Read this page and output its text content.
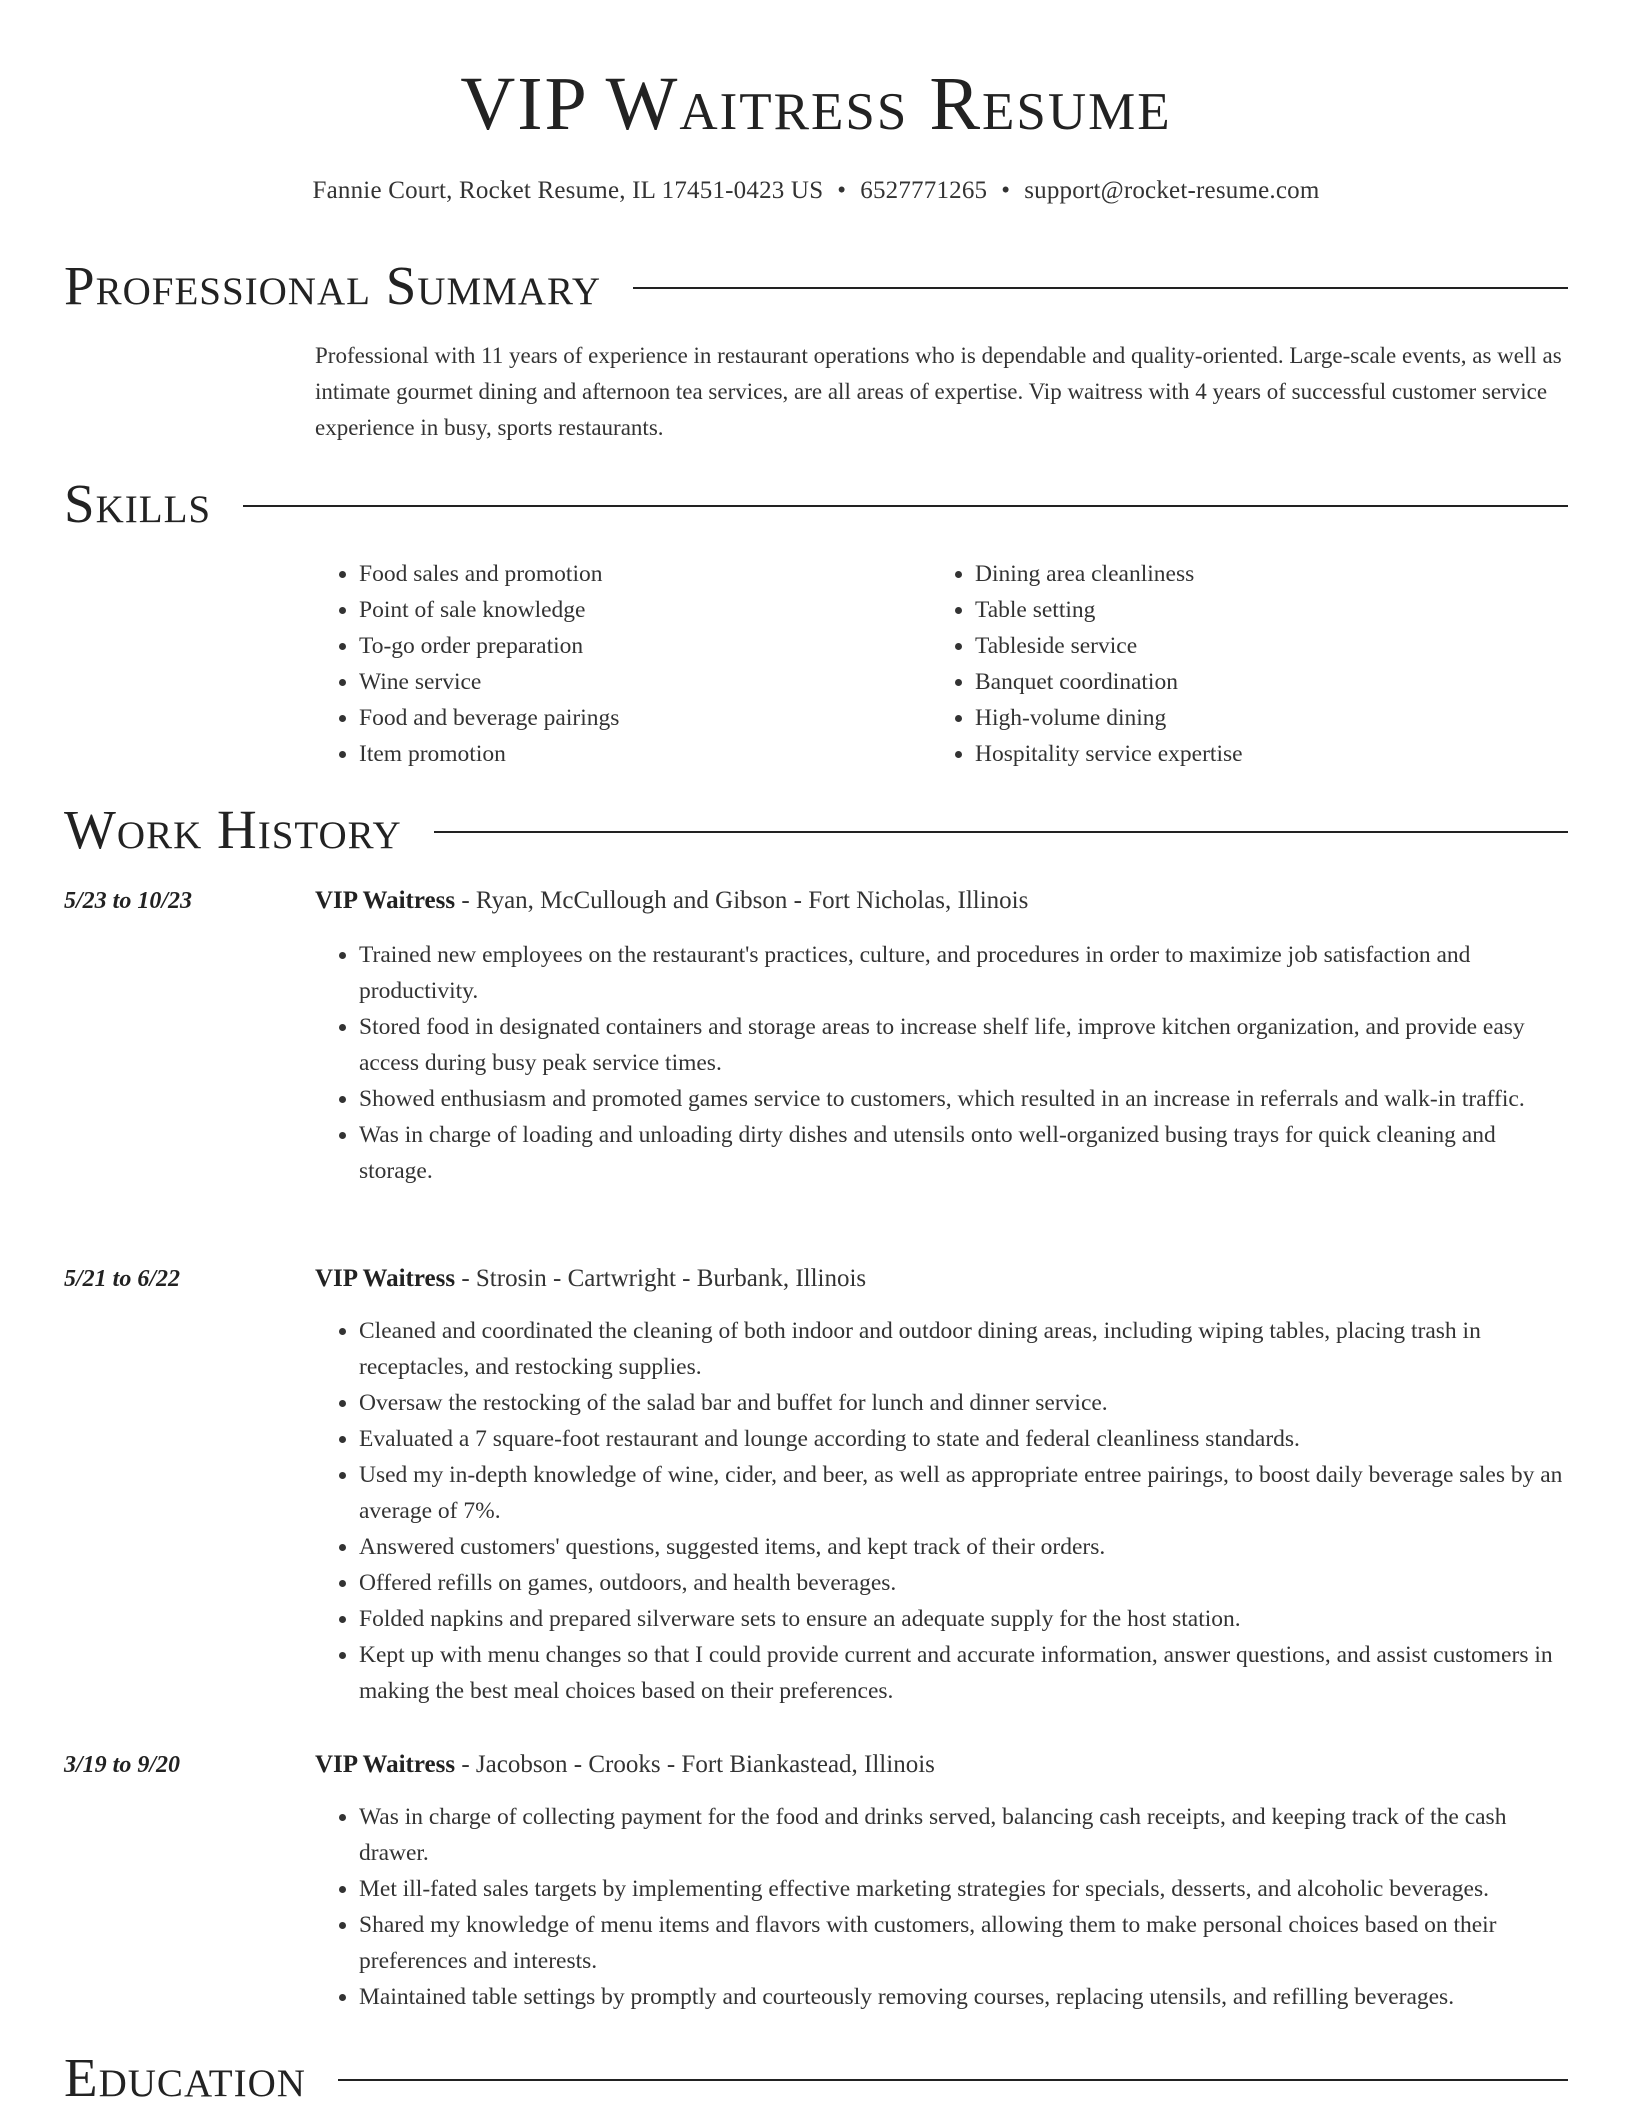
VIP Waitress Resume
Fannie Court, Rocket Resume, IL 17451-0423 US • 6527771265 • support@rocket-resume.com
Professional Summary

Professional with 11 years of experience in restaurant operations who is dependable and quality-oriented. Large-scale events, as well as intimate gourmet dining and afternoon tea services, are all areas of expertise. Vip waitress with 4 years of successful customer service experience in busy, sports restaurants.

Skills
• Food sales and promotion
• Point of sale knowledge
• To-go order preparation
• Wine service
• Food and beverage pairings
• Item promotion
• Dining area cleanliness
• Table setting
• Tableside service
• Banquet coordination
• High-volume dining
• Hospitality service expertise
Work History
5/23 to 10/23	VIP Waitress - Ryan, McCullough and Gibson - Fort Nicholas, Illinois
• Trained new employees on the restaurant's practices, culture, and procedures in order to maximize job satisfaction and productivity.
• Stored food in designated containers and storage areas to increase shelf life, improve kitchen organization, and provide easy access during busy peak service times.
• Showed enthusiasm and promoted games service to customers, which resulted in an increase in referrals and walk-in traffic.
• Was in charge of loading and unloading dirty dishes and utensils onto well-organized busing trays for quick cleaning and storage.
5/21 to 6/22	VIP Waitress - Strosin - Cartwright - Burbank, Illinois
• Cleaned and coordinated the cleaning of both indoor and outdoor dining areas, including wiping tables, placing trash in receptacles, and restocking supplies.
• Oversaw the restocking of the salad bar and buffet for lunch and dinner service.
• Evaluated a 7 square-foot restaurant and lounge according to state and federal cleanliness standards.
• Used my in-depth knowledge of wine, cider, and beer, as well as appropriate entree pairings, to boost daily beverage sales by an average of 7%.
• Answered customers' questions, suggested items, and kept track of their orders.
• Offered refills on games, outdoors, and health beverages.
• Folded napkins and prepared silverware sets to ensure an adequate supply for the host station.
• Kept up with menu changes so that I could provide current and accurate information, answer questions, and assist customers in making the best meal choices based on their preferences.
3/19 to 9/20	VIP Waitress - Jacobson - Crooks - Fort Biankastead, Illinois
• Was in charge of collecting payment for the food and drinks served, balancing cash receipts, and keeping track of the cash drawer.
• Met ill-fated sales targets by implementing effective marketing strategies for specials, desserts, and alcoholic beverages.
• Shared my knowledge of menu items and flavors with customers, allowing them to make personal choices based on their preferences and interests.
• Maintained table settings by promptly and courteously removing courses, replacing utensils, and refilling beverages.
Education
